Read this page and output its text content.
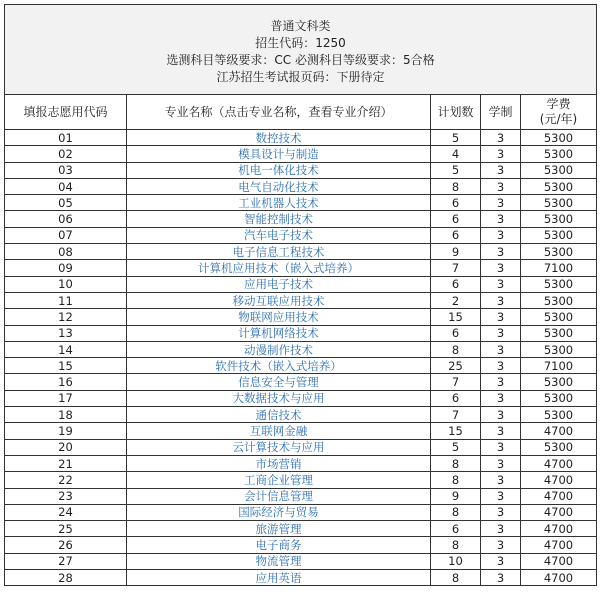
普通文科类
招生代码：1250
选测科目等级要求：CC 必测科目等级要求：5合格
江苏招生考试报页码：下册待定				

填报志愿用代码	专业名称（点击专业名称，查看专业介绍）	计划数	学制	学费
(元/年)

01	数控技术	5	3	5300
02	模具设计与制造	4	3	5300
03	机电一体化技术	5	3	5300
04	电气自动化技术	8	3	5300
05	工业机器人技术	6	3	5300
06	智能控制技术	6	3	5300
07	汽车电子技术	6	3	5300
08	电子信息工程技术	9	3	5300
09	计算机应用技术（嵌入式培养）	7	3	7100
10	应用电子技术	6	3	5300
11	移动互联应用技术	2	3	5300
12	物联网应用技术	15	3	5300
13	计算机网络技术	6	3	5300
14	动漫制作技术	8	3	5300
15	软件技术（嵌入式培养）	25	3	7100
16	信息安全与管理	7	3	5300
17	大数据技术与应用	6	3	5300
18	通信技术	7	3	5300
19	互联网金融	15	3	4700
20	云计算技术与应用	5	3	5300
21	市场营销	8	3	4700
22	工商企业管理	8	3	4700
23	会计信息管理	9	3	4700
24	国际经济与贸易	8	3	4700
25	旅游管理	6	3	4700
26	电子商务	8	3	4700
27	物流管理	10	3	4700
28	应用英语	8	3	4700
